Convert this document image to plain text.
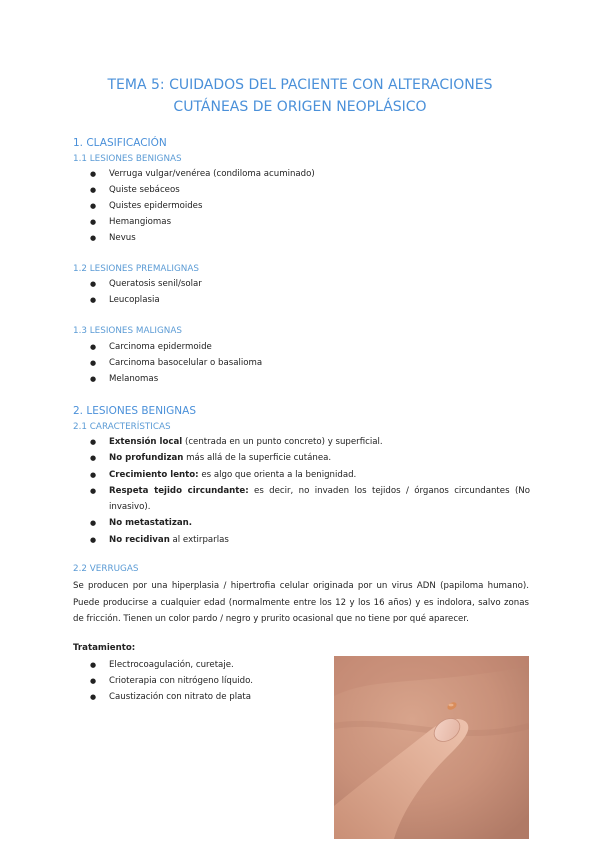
TEMA 5: CUIDADOS DEL PACIENTE CON ALTERACIONES
CUTÁNEAS DE ORIGEN NEOPLÁSICO
1. CLASIFICACIÓN
1.1 LESIONES BENIGNAS
● Verruga vulgar/venérea (condiloma acuminado)
● Quiste sebáceos
● Quistes epidermoides
● Hemangiomas
● Nevus
1.2 LESIONES PREMALIGNAS
● Queratosis senil/solar
● Leucoplasia
1.3 LESIONES MALIGNAS
● Carcinoma epidermoide
● Carcinoma basocelular o basalioma
● Melanomas
2. LESIONES BENIGNAS
2.1 CARACTERÍSTICAS
● Extensión local (centrada en un punto concreto) y superficial.
● No profundizan más allá de la superficie cutánea.
● Crecimiento lento: es algo que orienta a la benignidad.
● Respeta tejido circundante: es decir, no invaden los tejidos / órganos circundantes (No invasivo).
● No metastatizan.
● No recidivan al extirparlas
2.2 VERRUGAS
Se producen por una hiperplasia / hipertrofia celular originada por un virus ADN (papiloma humano). Puede producirse a cualquier edad (normalmente entre los 12 y los 16 años) y es indolora, salvo zonas de fricción. Tienen un color pardo / negro y prurito ocasional que no tiene por qué aparecer.
Tratamiento:
● Electrocoagulación, curetaje.
● Crioterapia con nitrógeno líquido.
● Caustización con nitrato de plata
